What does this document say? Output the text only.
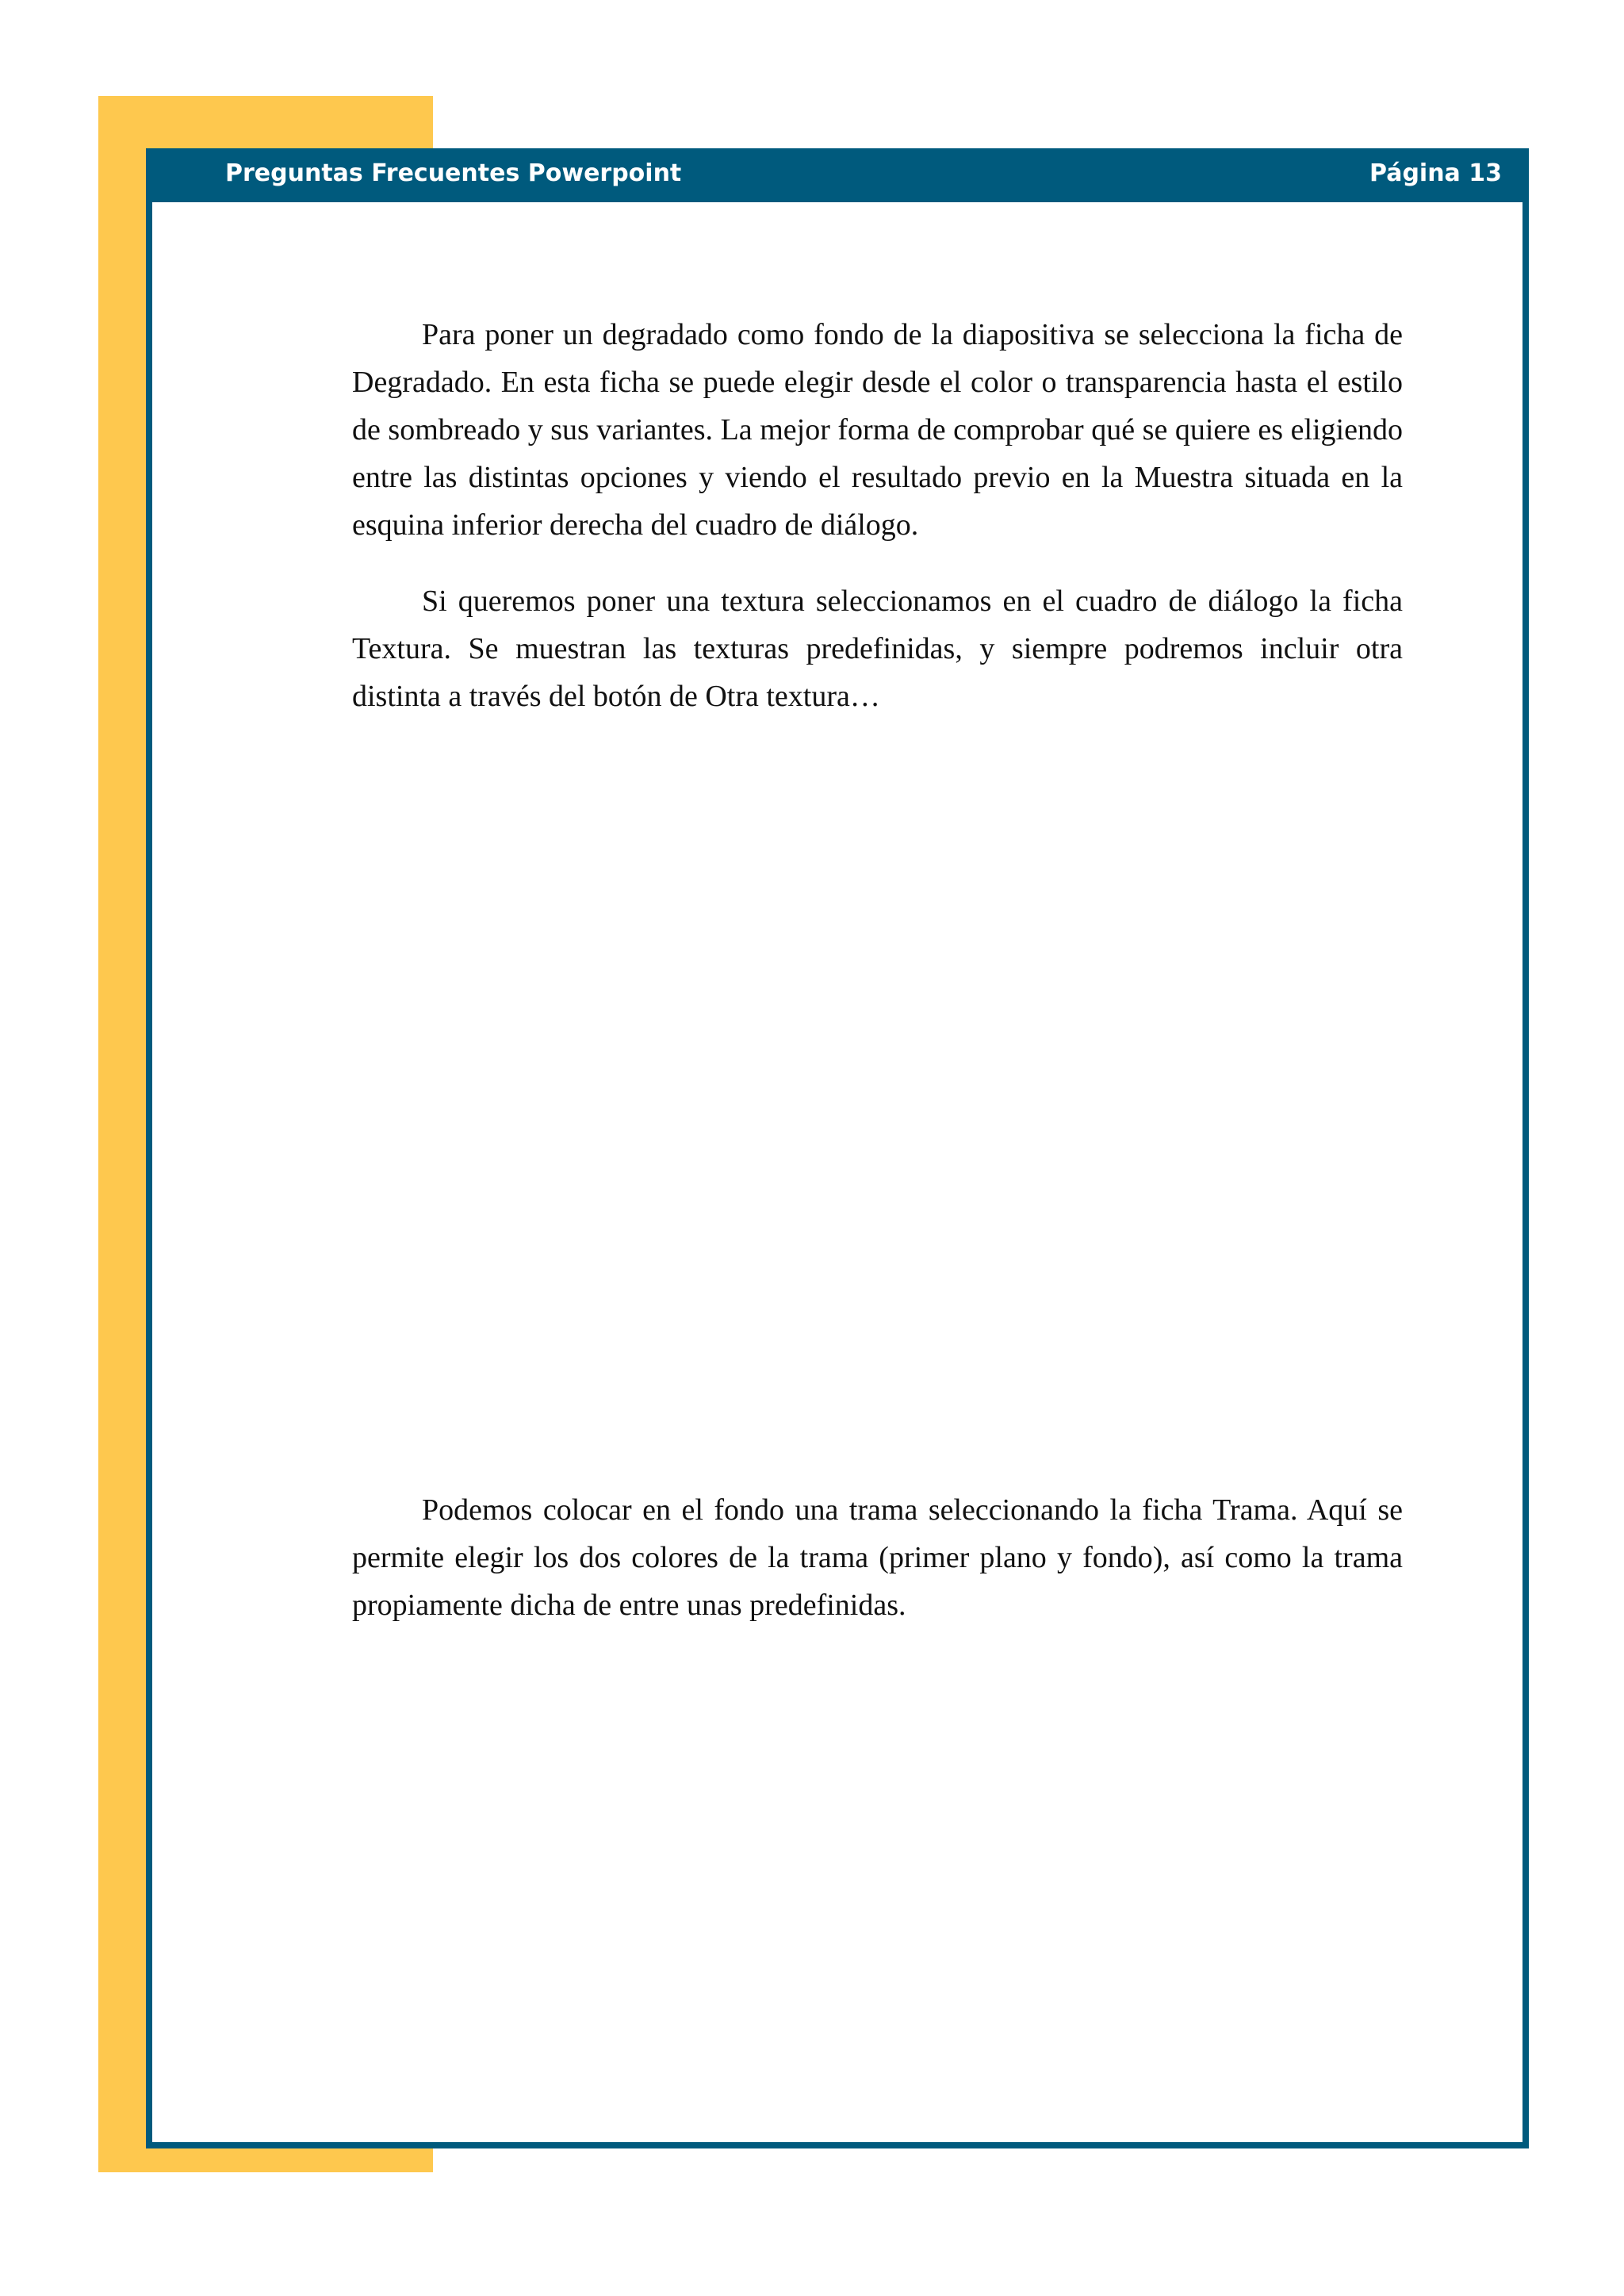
Preguntas Frecuentes Powerpoint	Página 13

Para poner un degradado como fondo de la diapositiva se selecciona la ficha de Degradado. En esta ficha se puede elegir desde el color o transparencia hasta el estilo de sombreado y sus variantes. La mejor forma de comprobar qué se quiere es eligiendo entre las distintas opciones y viendo el resultado previo en la Muestra situada en la esquina inferior derecha del cuadro de diálogo.

Si queremos poner una textura seleccionamos en el cuadro de diálogo la ficha Textura. Se muestran las texturas predefinidas, y siempre podremos incluir otra distinta a través del botón de Otra textura…

Podemos colocar en el fondo una trama seleccionando la ficha Trama. Aquí se permite elegir los dos colores de la trama (primer plano y fondo), así como la trama propiamente dicha de entre unas predefinidas.
